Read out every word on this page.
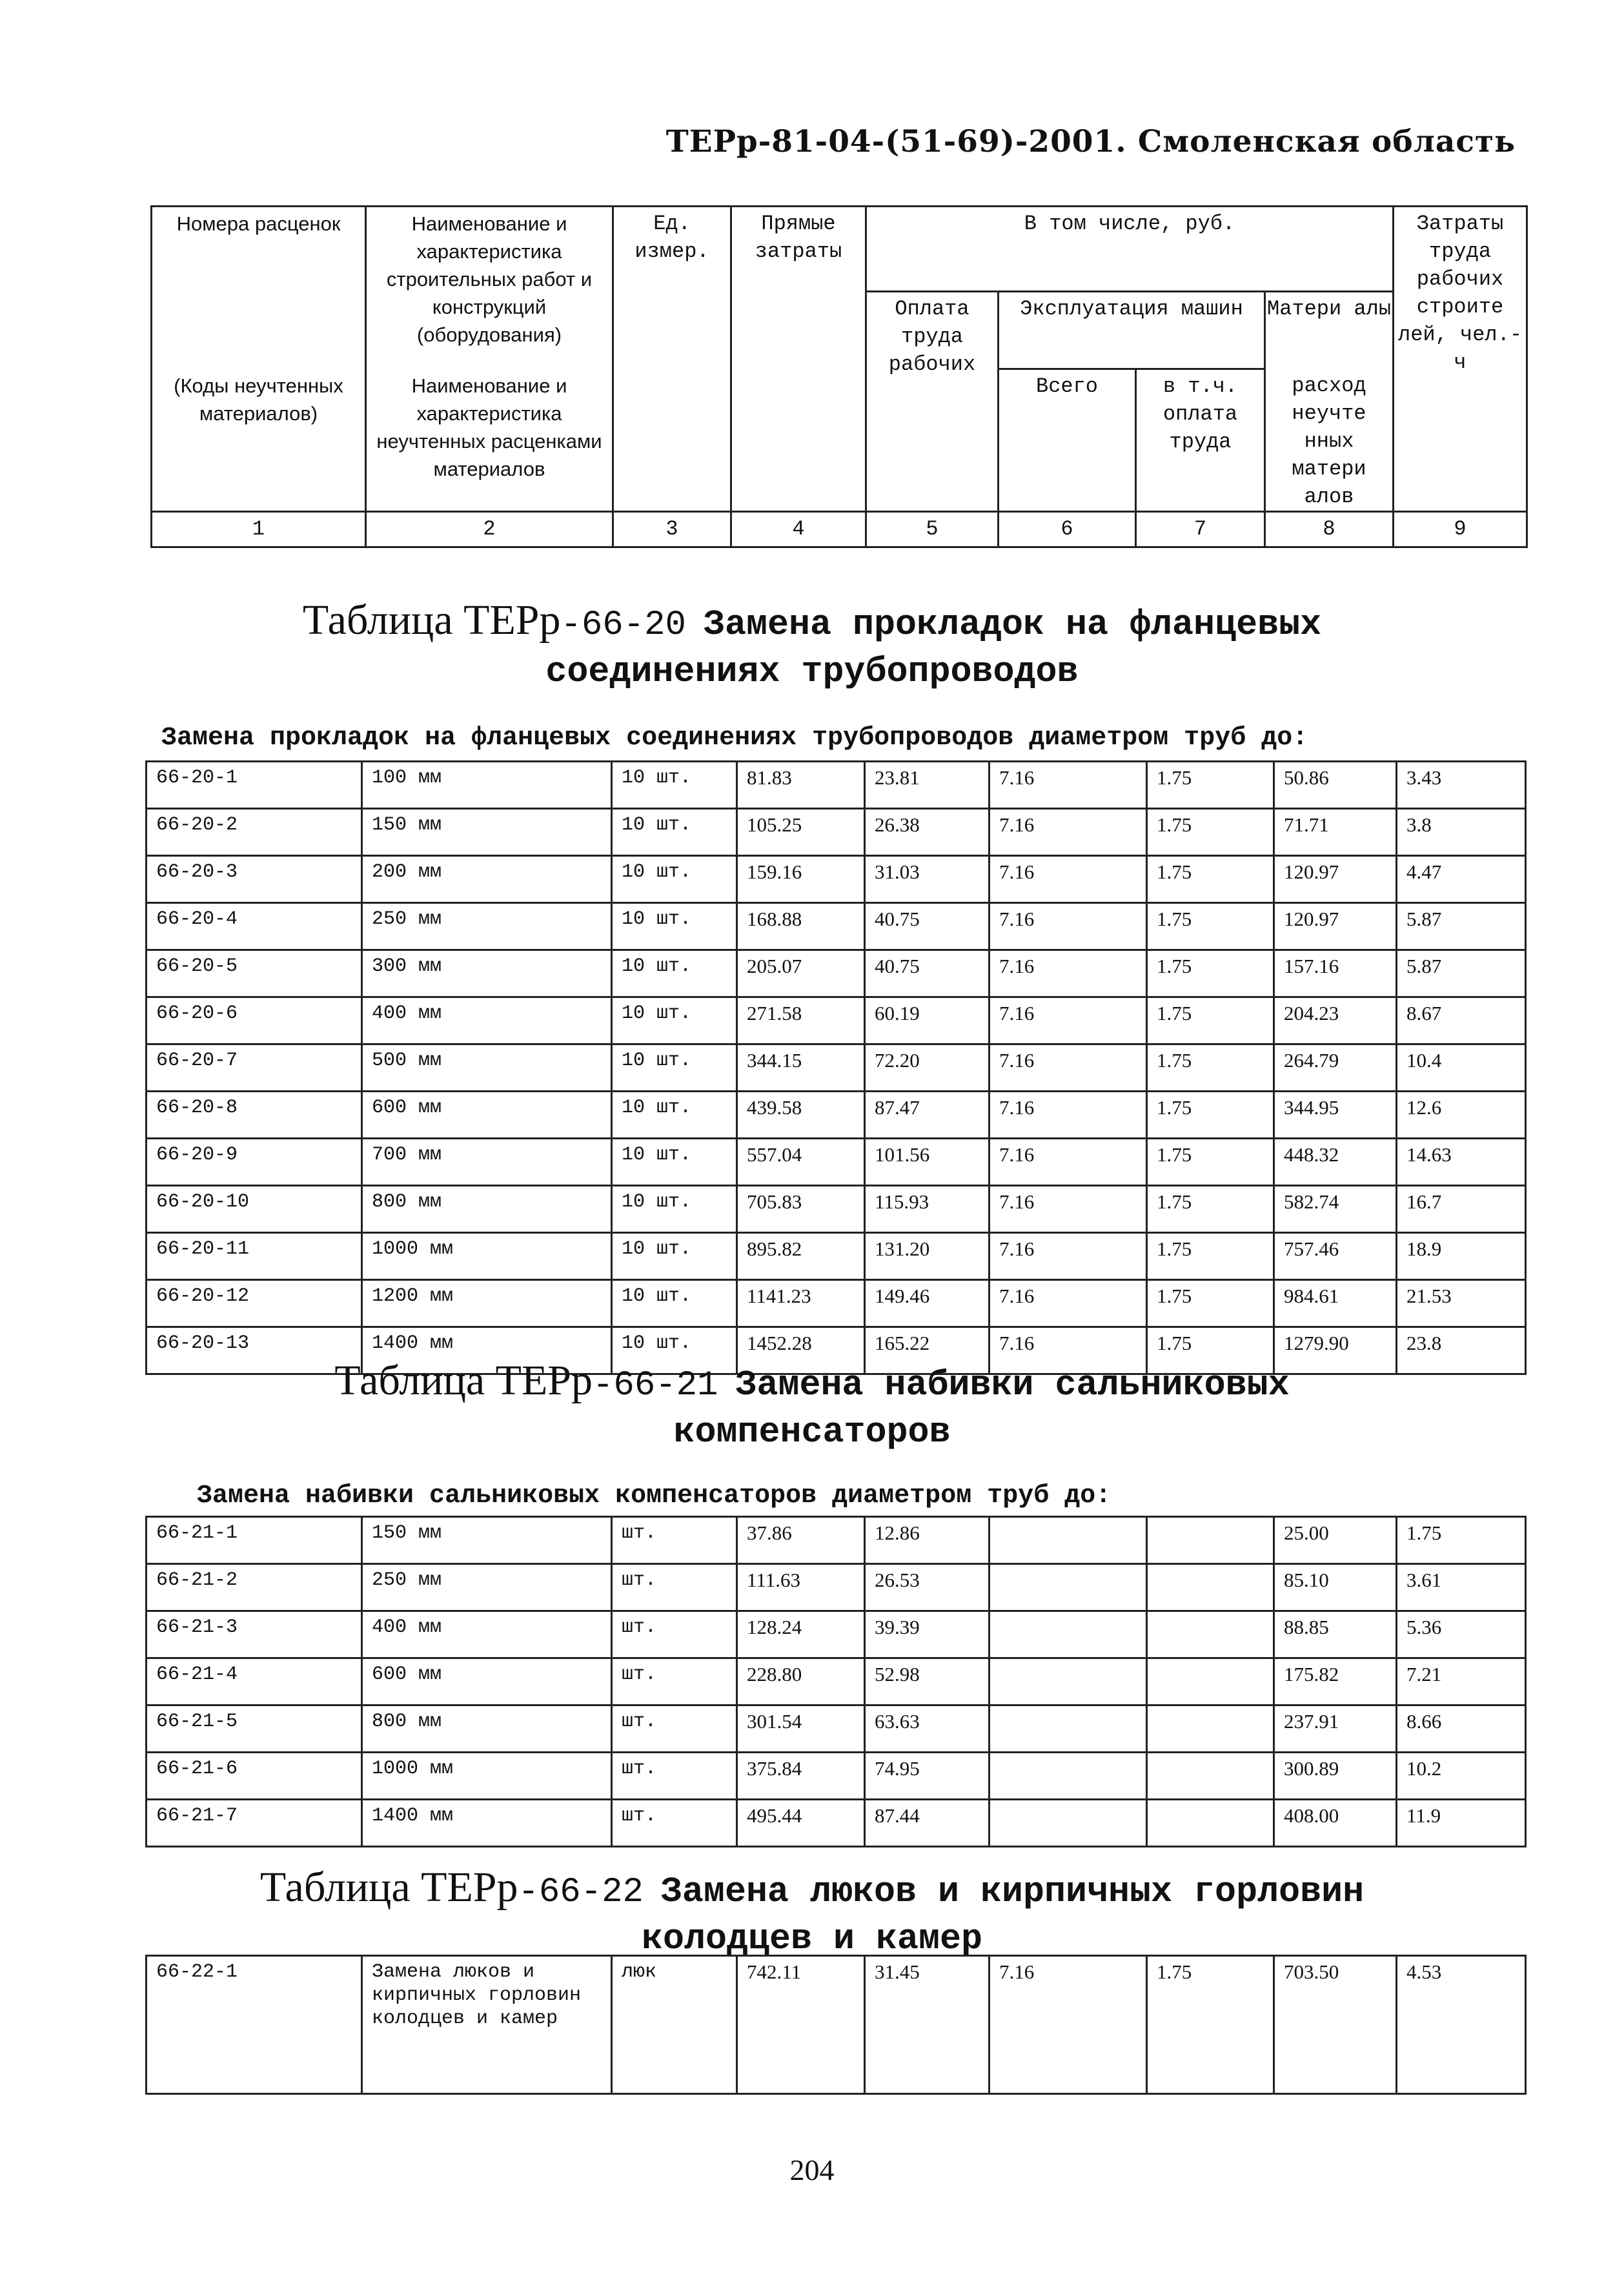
ТЕРр-81-04-(51-69)-2001. Смоленская область
Номера расценок	Наименование и характеристика строительных работ и конструкций (оборудования)	Ед. измер.	Прямые затраты	В том числе, руб.				Затраты труда рабочих строите лей, чел.-ч
				Оплата труда рабочих	Эксплуатация машин		Матери алы	
(Коды неучтенных материалов)	Наименование и характеристика неучтенных расценками материалов				Всего	в т.ч. оплата труда	расход неучте нных матери алов	

1	2	3	4	5	6	7	8	9
Таблица ТЕРр-66-20 Замена прокладок на фланцевых
соединениях трубопроводов
Замена прокладок на фланцевых соединениях трубопроводов диаметром труб до:
66-20-1	100 мм	10 шт.	81.83	23.81	7.16	1.75	50.86	3.43
66-20-2	150 мм	10 шт.	105.25	26.38	7.16	1.75	71.71	3.8
66-20-3	200 мм	10 шт.	159.16	31.03	7.16	1.75	120.97	4.47
66-20-4	250 мм	10 шт.	168.88	40.75	7.16	1.75	120.97	5.87
66-20-5	300 мм	10 шт.	205.07	40.75	7.16	1.75	157.16	5.87
66-20-6	400 мм	10 шт.	271.58	60.19	7.16	1.75	204.23	8.67
66-20-7	500 мм	10 шт.	344.15	72.20	7.16	1.75	264.79	10.4
66-20-8	600 мм	10 шт.	439.58	87.47	7.16	1.75	344.95	12.6
66-20-9	700 мм	10 шт.	557.04	101.56	7.16	1.75	448.32	14.63
66-20-10	800 мм	10 шт.	705.83	115.93	7.16	1.75	582.74	16.7
66-20-11	1000 мм	10 шт.	895.82	131.20	7.16	1.75	757.46	18.9
66-20-12	1200 мм	10 шт.	1141.23	149.46	7.16	1.75	984.61	21.53
66-20-13	1400 мм	10 шт.	1452.28	165.22	7.16	1.75	1279.90	23.8
Таблица ТЕРр-66-21 Замена набивки сальниковых
компенсаторов
Замена набивки сальниковых компенсаторов диаметром труб до:
66-21-1	150 мм	шт.	37.86	12.86			25.00	1.75
66-21-2	250 мм	шт.	111.63	26.53			85.10	3.61
66-21-3	400 мм	шт.	128.24	39.39			88.85	5.36
66-21-4	600 мм	шт.	228.80	52.98			175.82	7.21
66-21-5	800 мм	шт.	301.54	63.63			237.91	8.66
66-21-6	1000 мм	шт.	375.84	74.95			300.89	10.2
66-21-7	1400 мм	шт.	495.44	87.44			408.00	11.9
Таблица ТЕРр-66-22 Замена люков и кирпичных горловин
колодцев и камер
66-22-1	Замена люков и кирпичных горловин колодцев и камер	люк	742.11	31.45	7.16	1.75	703.50	4.53
204
